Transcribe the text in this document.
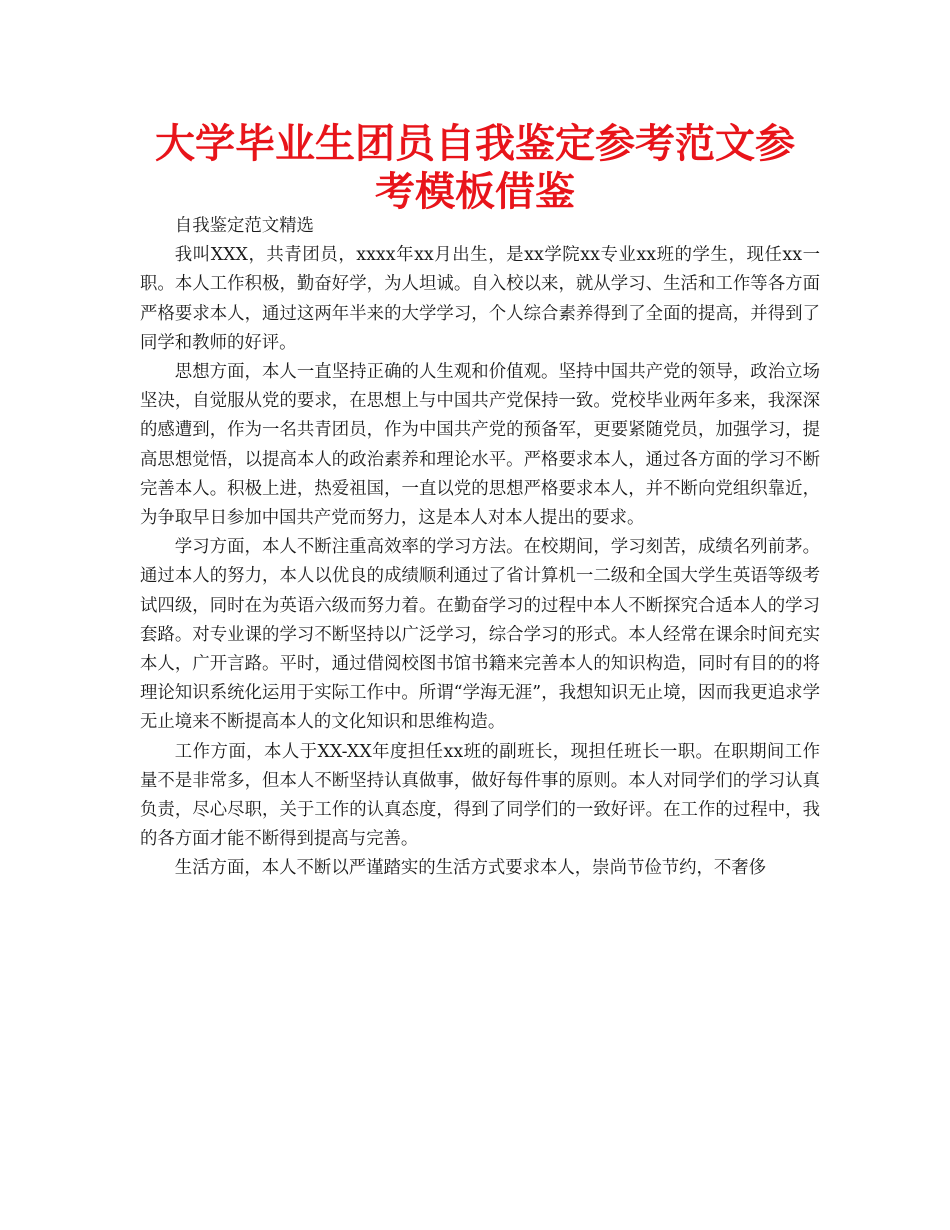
大学毕业生团员自我鉴定参考范文参考模板借鉴

自我鉴定范文精选

我叫XXX，共青团员，xxxx年xx月出生，是xx学院xx专业xx班的学生，现任xx一职。本人工作积极，勤奋好学，为人坦诚。自入校以来，就从学习、生活和工作等各方面严格要求本人，通过这两年半来的大学学习，个人综合素养得到了全面的提高，并得到了同学和教师的好评。

思想方面，本人一直坚持正确的人生观和价值观。坚持中国共产党的领导，政治立场坚决，自觉服从党的要求，在思想上与中国共产党保持一致。党校毕业两年多来，我深深的感遭到，作为一名共青团员，作为中国共产党的预备军，更要紧随党员，加强学习，提高思想觉悟，以提高本人的政治素养和理论水平。严格要求本人，通过各方面的学习不断完善本人。积极上进，热爱祖国，一直以党的思想严格要求本人，并不断向党组织靠近，为争取早日参加中国共产党而努力，这是本人对本人提出的要求。

学习方面，本人不断注重高效率的学习方法。在校期间，学习刻苦，成绩名列前茅。通过本人的努力，本人以优良的成绩顺利通过了省计算机一二级和全国大学生英语等级考试四级，同时在为英语六级而努力着。在勤奋学习的过程中本人不断探究合适本人的学习套路。对专业课的学习不断坚持以广泛学习，综合学习的形式。本人经常在课余时间充实本人，广开言路。平时，通过借阅校图书馆书籍来完善本人的知识构造，同时有目的的将理论知识系统化运用于实际工作中。所谓“学海无涯”，我想知识无止境，因而我更追求学无止境来不断提高本人的文化知识和思维构造。

工作方面，本人于XX-XX年度担任xx班的副班长，现担任班长一职。在职期间工作量不是非常多，但本人不断坚持认真做事，做好每件事的原则。本人对同学们的学习认真负责，尽心尽职，关于工作的认真态度，得到了同学们的一致好评。在工作的过程中，我的各方面才能不断得到提高与完善。

生活方面，本人不断以严谨踏实的生活方式要求本人，崇尚节俭节约，不奢侈
